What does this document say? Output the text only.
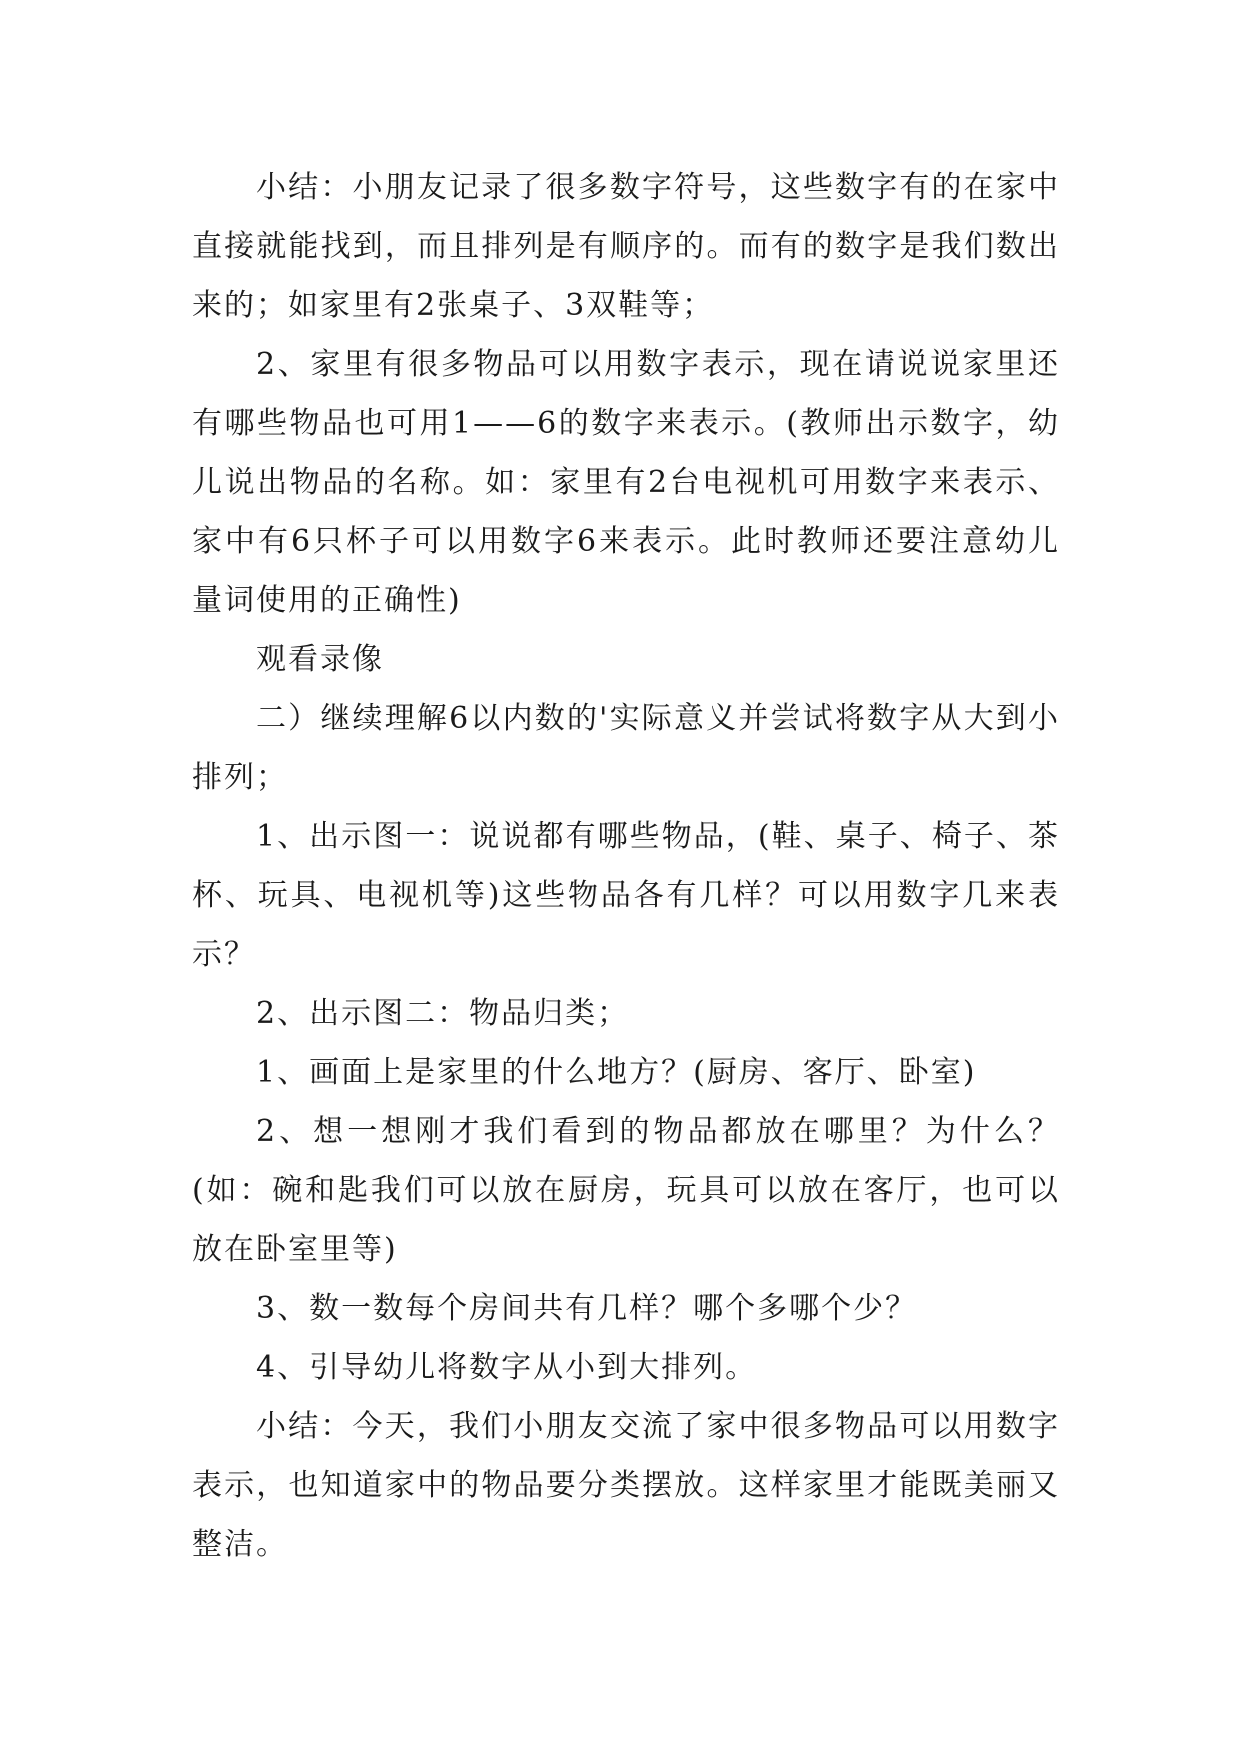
小结：小朋友记录了很多数字符号，这些数字有的在家中直接就能找到，而且排列是有顺序的。而有的数字是我们数出来的；如家里有2张桌子、3双鞋等；

2、家里有很多物品可以用数字表示，现在请说说家里还有哪些物品也可用1——6的数字来表示。(教师出示数字，幼儿说出物品的名称。如：家里有2台电视机可用数字来表示、家中有6只杯子可以用数字6来表示。此时教师还要注意幼儿量词使用的正确性)

观看录像

二）继续理解6以内数的'实际意义并尝试将数字从大到小排列；

1、出示图一：说说都有哪些物品，(鞋、桌子、椅子、茶杯、玩具、电视机等)这些物品各有几样？可以用数字几来表示？

2、出示图二：物品归类；

1、画面上是家里的什么地方？(厨房、客厅、卧室)

2、想一想刚才我们看到的物品都放在哪里？为什么？(如：碗和匙我们可以放在厨房，玩具可以放在客厅，也可以放在卧室里等)

3、数一数每个房间共有几样？哪个多哪个少？

4、引导幼儿将数字从小到大排列。

小结：今天，我们小朋友交流了家中很多物品可以用数字表示，也知道家中的物品要分类摆放。这样家里才能既美丽又整洁。
